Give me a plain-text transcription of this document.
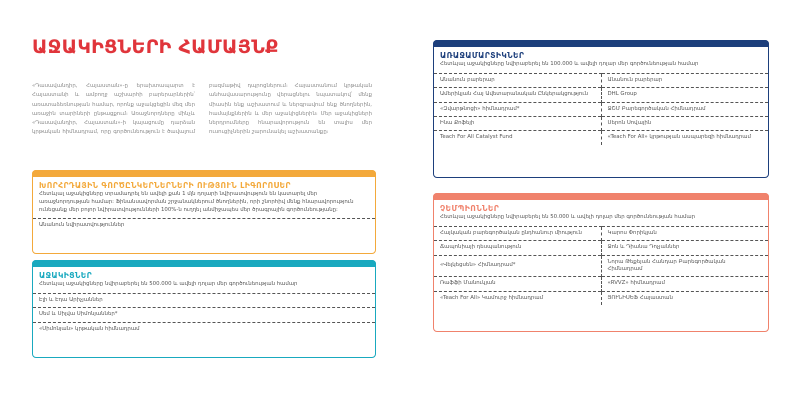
ԱՋԱԿԻՑՆԵՐԻ ՀԱՄԱՅՆՔ
«Դասավանդիր, Հայաստան»-ը երախտապարտ է Հայաստանի և ամբողջ աշխարհի բարերարներին՝ առատաձեռնության համար, որոնք աջակցեցին մեզ մեր առաջին տարիների ընթացքում։ Առաջնորդները մինչև «Դասավանդիր, Հայաստան»-ի կայացումը դարձան կրթական հիմնադրամ, որը գործունեություն է ծավալում բազմաթիվ դպրոցներում։ Հայաստանում կրթական անհավասարությունը վերացնելու նպատակով՝ մենք միասին ենք աշխատում և ներգրավում ենք ծնողներին, համայնքներին և մեր աջակիցներին։ Մեր աջակիցների ներդրումները հնարավորություն են տալիս մեր ուսուցիչներին շարունակել աշխատանքը։
ԽՈՐՀՐԴԱՅԻՆ ԳՈՐԾԸՆԿԵՐՆԵՐՆԵՐԻ ՈՒԹՅՈՒՆ ԼԻԳՈՐՈՍԵՐ
Հետևյալ աջակիցները տրամադրել են ավելի քան 1 մլն դոլարի նվիրատվություն են կատարել մեր առաջնորդության համար: Ֆինանսավորման շրջանակներում ծնողներին, որի շնորհիվ մենք հնարավորություն ունեցանք մեր բոլոր նվիրատվությունների 100%-ն ուղղել անմիջապես մեր ծրագրային գործունեությանը:
Անանուն նվիրատվություններ
ԱՋԱԿԻՑՆԵՐ
Հետևյալ աջակիցները նվիրաբերել են 500.000 և ավելի դոլար մեր գործունեության համար
Էլի և Էդա Արիչյաններ
Սեմ և Սիլվա Սիմոնյաններ*
«Սիմոնյան» կրթական հիմնադրամ
ԱՌԱՋԱՄԱՐՏԻԿՆԵՐ
Հետևյալ աջակիցները նվիրաբերել են 100.000 և ավելի դոլար մեր գործունեության համար
Անանուն բարերար	Անանուն բարերար
Ամերիկյան Հայ Ավետարանական Ընկերակցություն	DHL Group
«Զվարթնոցի» հիմնադրամ*	ՋՇՄ Բարեգործական Հիմնադրամ
Ինա Քոֆեյի	Սերոն Սովային
Teach For All Catalyst Fund	«Teach For All» կրթության ասպարեզի հիմնադրամ
ՉԵՄՊԻՈՆՆԵՐ
Հետևյալ աջակիցները նվիրաբերել են 50.000 և ավելի դոլար մեր գործունեության համար
Հայկական բարեգործական ընդհանուր միություն	Կարոս Փորիկյան
Ճապոնիայի դեսպանություն	Ջոն և Դիանա Դոչյաններ
«Վելկեցսեն» Հիմնադրամ*	Նորա Թեքեյան Հանդար Բարեգործական Հիմնադրամ
Ռաֆֆի Մանուկյան	«RVVZ» հիմնադրամ
«Teach For All» Կամուրջ հիմնադրամ	ՅՈՒՆԻՍԵՖ Հայաստան
